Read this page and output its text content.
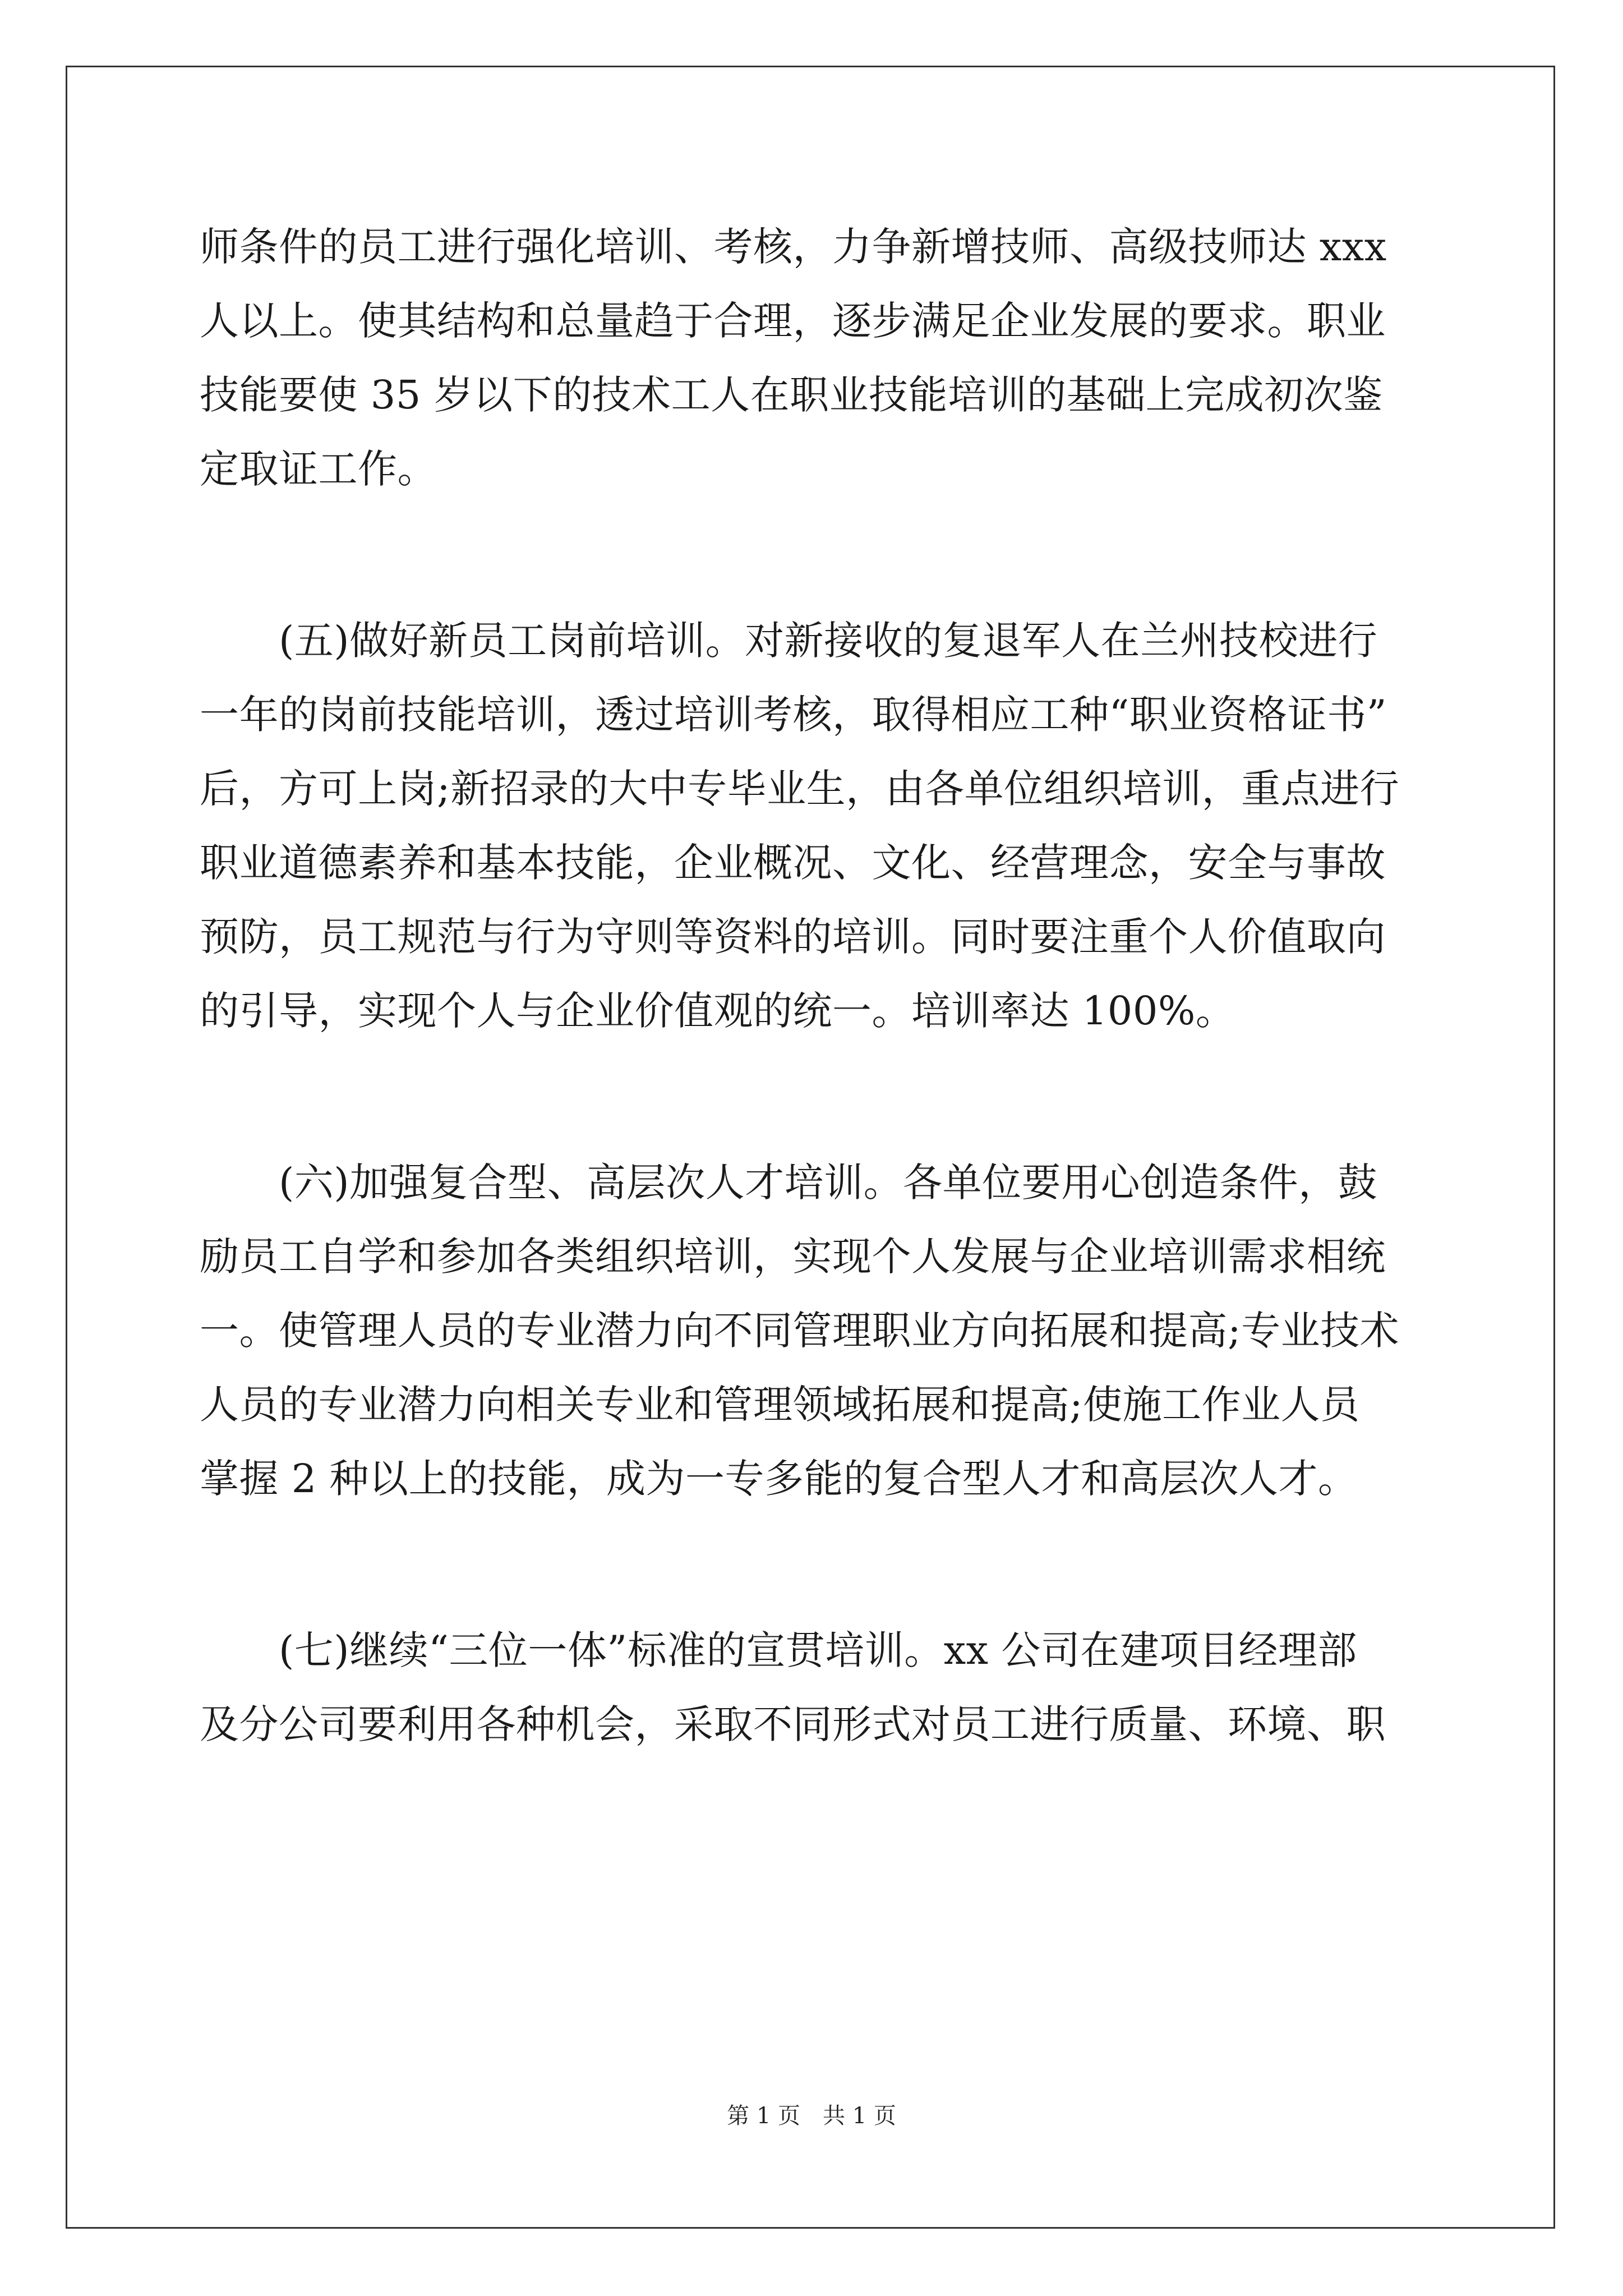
师条件的员工进行强化培训、考核，力争新增技师、高级技师达 xxx
人以上。使其结构和总量趋于合理，逐步满足企业发展的要求。职业
技能要使 35 岁以下的技术工人在职业技能培训的基础上完成初次鉴
定取证工作。
　　(五)做好新员工岗前培训。对新接收的复退军人在兰州技校进行
一年的岗前技能培训，透过培训考核，取得相应工种“职业资格证书”
后，方可上岗;新招录的大中专毕业生，由各单位组织培训，重点进行
职业道德素养和基本技能，企业概况、文化、经营理念，安全与事故
预防，员工规范与行为守则等资料的培训。同时要注重个人价值取向
的引导，实现个人与企业价值观的统一。培训率达 100%。
　　(六)加强复合型、高层次人才培训。各单位要用心创造条件，鼓
励员工自学和参加各类组织培训，实现个人发展与企业培训需求相统
一。使管理人员的专业潜力向不同管理职业方向拓展和提高;专业技术
人员的专业潜力向相关专业和管理领域拓展和提高;使施工作业人员
掌握 2 种以上的技能，成为一专多能的复合型人才和高层次人才。
　　(七)继续“三位一体”标准的宣贯培训。xx 公司在建项目经理部
及分公司要利用各种机会，采取不同形式对员工进行质量、环境、职
第 1 页　共 1 页
